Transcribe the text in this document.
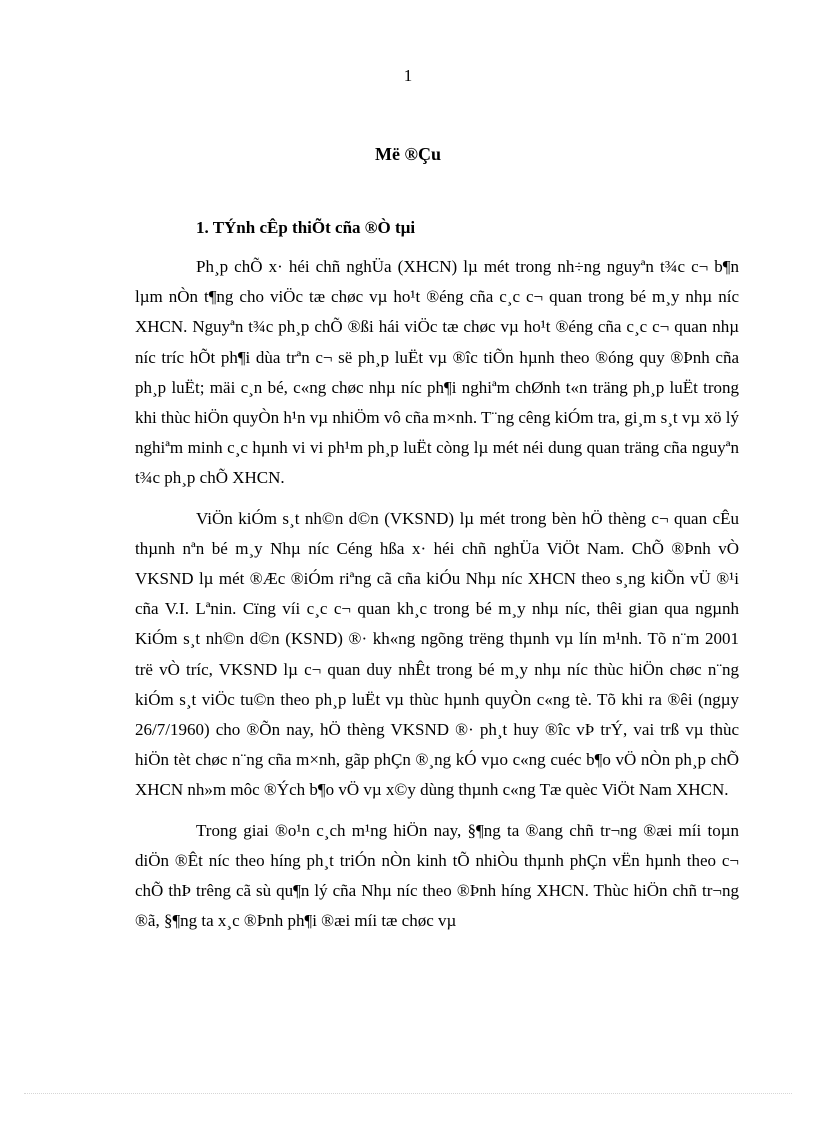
1
Më ®Çu
1. TÝnh cÊp thiÕt cña ®Ò tµi

Ph¸p chÕ x· héi chñ nghÜa (XHCN) lµ mét trong nh÷ng nguyªn t¾c c¬ b¶n lµm nÒn t¶ng cho viÖc tæ chøc vµ ho¹t ®éng cña c¸c c¬ quan trong bé m¸y nhµ níc XHCN. Nguyªn t¾c ph¸p chÕ ®ßi hái viÖc tæ chøc vµ ho¹t ®éng cña c¸c c¬ quan nhµ níc tríc hÕt ph¶i dùa trªn c¬ së ph¸p luËt vµ ®îc tiÕn hµnh theo ®óng quy ®Þnh cña ph¸p luËt; mäi c¸n bé, c«ng chøc nhµ níc ph¶i nghiªm chØnh t«n träng ph¸p luËt trong khi thùc hiÖn quyÒn h¹n vµ nhiÖm vô cña m×nh. T¨ng cêng kiÓm tra, gi¸m s¸t vµ xö lý nghiªm minh c¸c hµnh vi vi ph¹m ph¸p luËt còng lµ mét néi dung quan träng cña nguyªn t¾c ph¸p chÕ XHCN.

ViÖn kiÓm s¸t nh©n d©n (VKSND) lµ mét trong bèn hÖ thèng c¬ quan cÊu thµnh nªn bé m¸y Nhµ níc Céng hßa x· héi chñ nghÜa ViÖt Nam. ChÕ ®Þnh vÒ VKSND lµ mét ®Æc ®iÓm riªng cã cña kiÓu Nhµ níc XHCN theo s¸ng kiÕn vÜ ®¹i cña V.I. Lªnin. Cïng víi c¸c c¬ quan kh¸c trong bé m¸y nhµ níc, thêi gian qua ngµnh KiÓm s¸t nh©n d©n (KSND) ®· kh«ng ngõng trëng thµnh vµ lín m¹nh. Tõ n¨m 2001 trë vÒ tríc, VKSND lµ c¬ quan duy nhÊt trong bé m¸y nhµ níc thùc hiÖn chøc n¨ng kiÓm s¸t viÖc tu©n theo ph¸p luËt vµ thùc hµnh quyÒn c«ng tè. Tõ khi ra ®êi (ngµy 26/7/1960) cho ®Õn nay, hÖ thèng VKSND ®· ph¸t huy ®îc vÞ trÝ, vai trß vµ thùc hiÖn tèt chøc n¨ng cña m×nh, gãp phÇn ®¸ng kÓ vµo c«ng cuéc b¶o vÖ nÒn ph¸p chÕ XHCN nh»m môc ®Ých b¶o vÖ vµ x©y dùng thµnh c«ng Tæ quèc ViÖt Nam XHCN.

Trong giai ®o¹n c¸ch m¹ng hiÖn nay, §¶ng ta ®ang chñ tr¬ng ®æi míi toµn diÖn ®Êt níc theo híng ph¸t triÓn nÒn kinh tÕ nhiÒu thµnh phÇn vËn hµnh theo c¬ chÕ thÞ trêng cã sù qu¶n lý cña Nhµ níc theo ®Þnh híng XHCN. Thùc hiÖn chñ tr¬ng ®ã, §¶ng ta x¸c ®Þnh ph¶i ®æi míi tæ chøc vµ
